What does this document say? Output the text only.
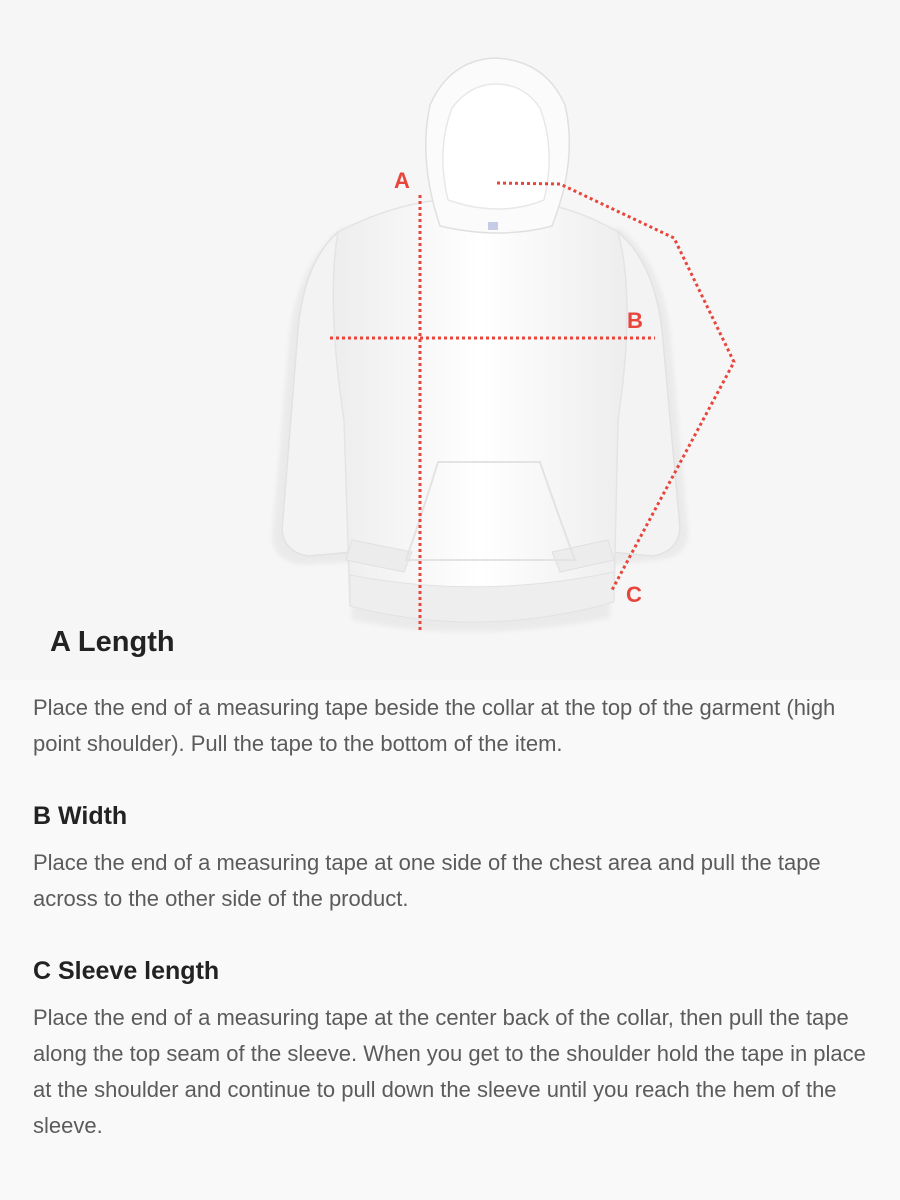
A
B
C
A Length

Place the end of a measuring tape beside the collar at the top of the garment (high point shoulder). Pull the tape to the bottom of the item.

B Width

Place the end of a measuring tape at one side of the chest area and pull the tape across to the other side of the product.

C Sleeve length

Place the end of a measuring tape at the center back of the collar, then pull the tape along the top seam of the sleeve. When you get to the shoulder hold the tape in place at the shoulder and continue to pull down the sleeve until you reach the hem of the sleeve.
